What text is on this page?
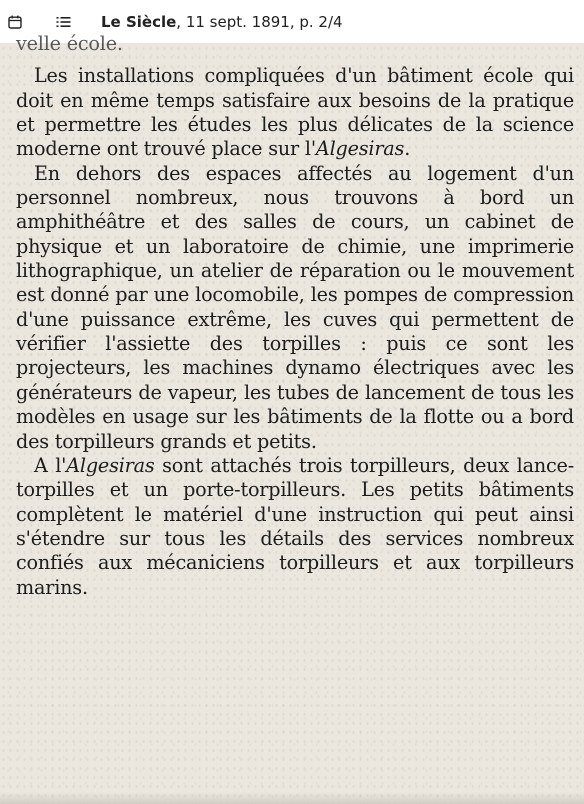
Le Siècle, 11 sept. 1891, p. 2/4

velle école.

Les installations compliquées d'un bâtiment école qui doit en même temps satisfaire aux besoins de la pratique et permettre les études les plus délicates de la science moderne ont trouvé place sur l'Algesiras.

En dehors des espaces affectés au logement d'un personnel nombreux, nous trouvons à bord un amphithéâtre et des salles de cours, un cabinet de physique et un laboratoire de chimie, une imprimerie lithographique, un atelier de réparation ou le mouvement est donné par une locomobile, les pompes de compression d'une puissance extrême, les cuves qui permettent de vérifier l'assiette des torpilles : puis ce sont les projecteurs, les machines dynamo électriques avec les générateurs de vapeur, les tubes de lancement de tous les modèles en usage sur les bâtiments de la flotte ou a bord des torpilleurs grands et petits.

A l'Algesiras sont attachés trois torpilleurs, deux lance-torpilles et un porte-torpilleurs. Les petits bâtiments complètent le matériel d'une instruction qui peut ainsi s'étendre sur tous les détails des services nombreux confiés aux mécaniciens torpilleurs et aux torpilleurs marins.
